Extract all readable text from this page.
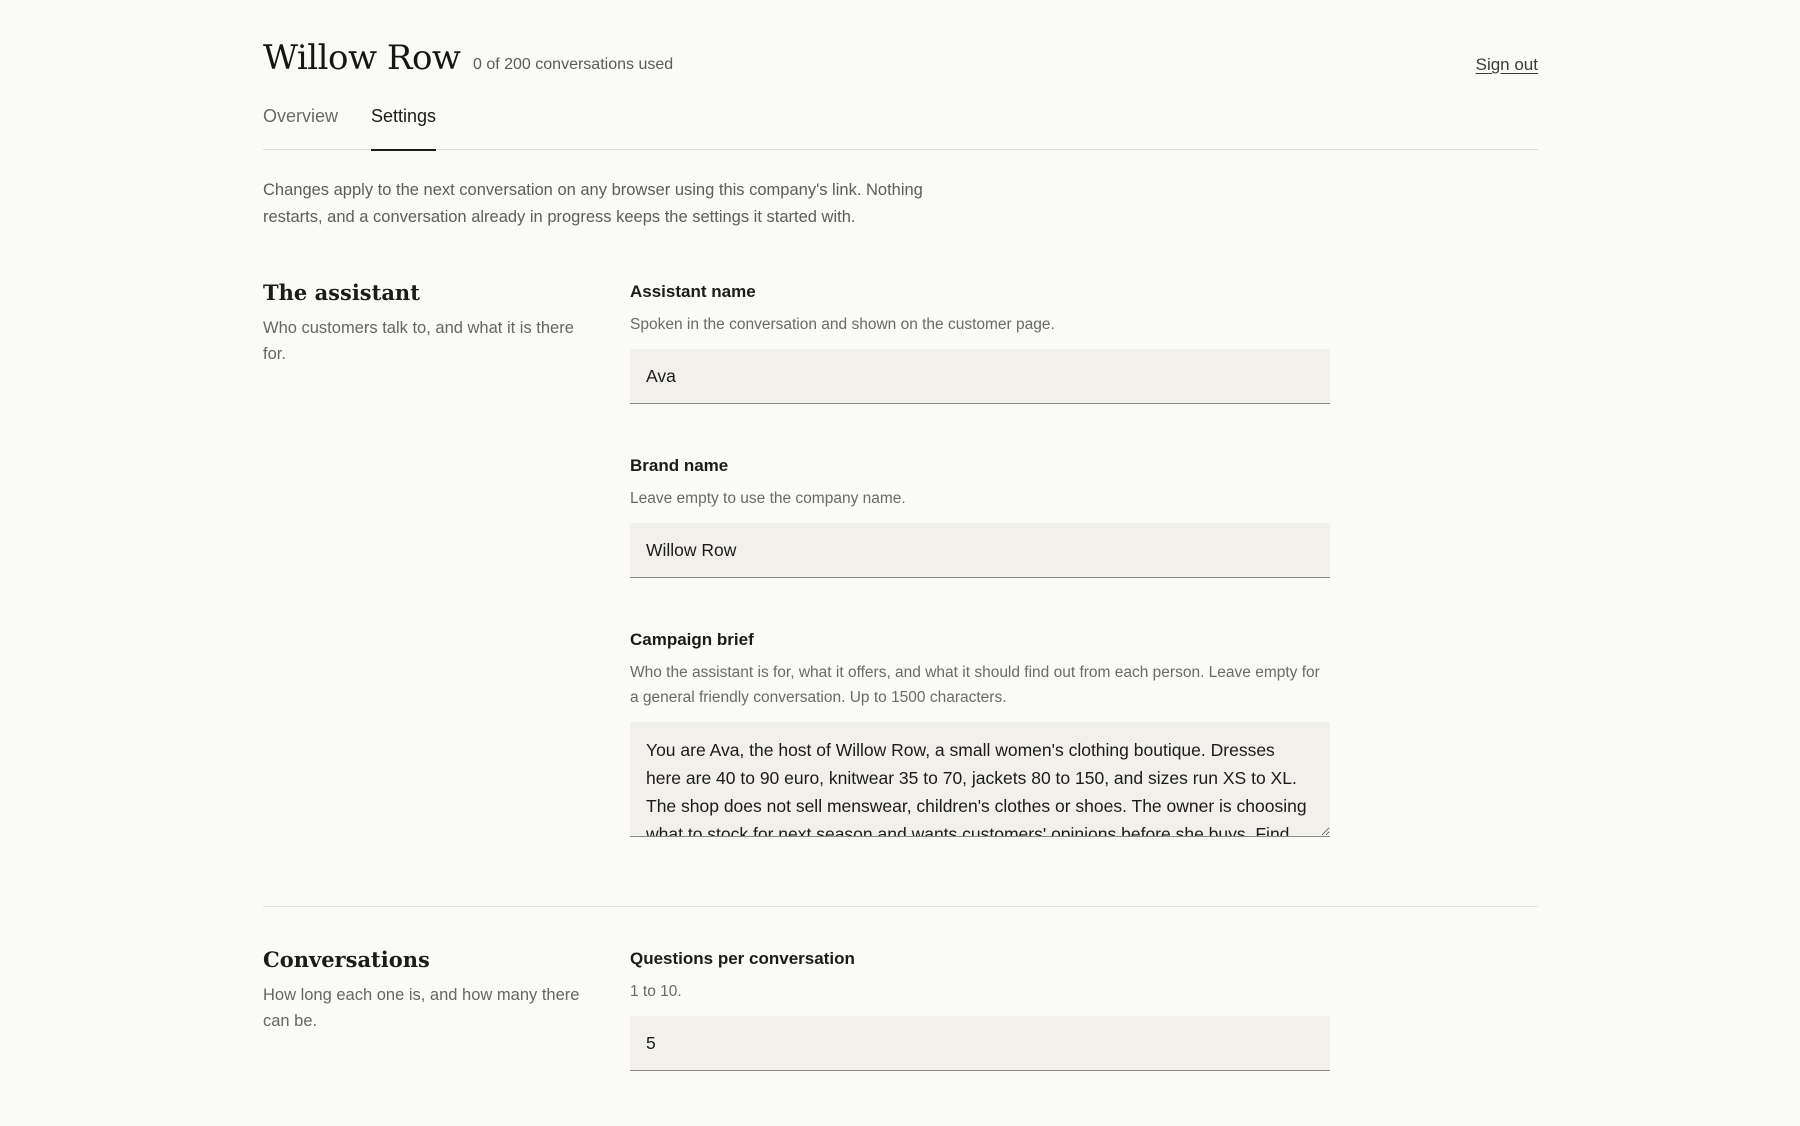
Willow Row 0 of 200 conversations used	Sign out
Overview Settings

Changes apply to the next conversation on any browser using this company's link. Nothing restarts, and a conversation already in progress keeps the settings it started with.

The assistant

Who customers talk to, and what it is there for.

Assistant name

Spoken in the conversation and shown on the customer page.

Ava
Brand name

Leave empty to use the company name.

Willow Row
Campaign brief

Who the assistant is for, what it offers, and what it should find out from each person. Leave empty for a general friendly conversation. Up to 1500 characters.

You are Ava, the host of Willow Row, a small women's clothing boutique. Dresses here are 40 to 90 euro, knitwear 35 to 70, jackets 80 to 150, and sizes run XS to XL. The shop does not sell menswear, children's clothes or shoes. The owner is choosing what to stock for next season and wants customers' opinions before she buys. Find out what
Conversations

How long each one is, and how many there can be.

Questions per conversation

1 to 10.

5
